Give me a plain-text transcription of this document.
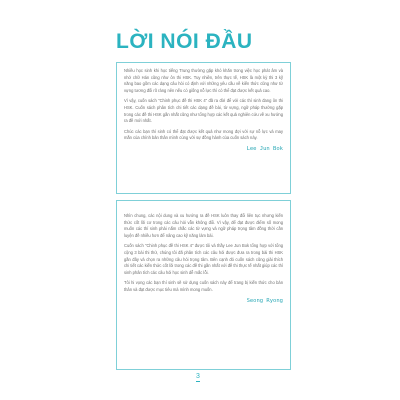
LỜI NÓI ĐẦU

Nhiều học sinh khi học tiếng Trung thường gặp khó khăn trong việc học phát âm và nhớ chữ Hán cũng như ôn thi HSK. Tuy nhiên, trên thực tế, HSK là một kỳ thi 3 kỹ năng bao gồm các dạng câu hỏi có định với những yêu cầu về kiến thức cũng như từ vựng tương đối rõ ràng nên nếu có giống nỗ lực thì có thể đạt được kết quả cao.

Vì vậy, cuốn sách "Chinh phục đề thi HSK 4" đã ra đời để với các thí sinh đang ôn thi HSK. Cuốn sách phân tích chi tiết các dạng đề bài, từ vựng, ngữ pháp thường gặp trong các đề thi HSK gần nhất cũng như tổng hợp các kết quả nghiên cứu về xu hướng ra đề mới nhất.

Chúc các bạn thí sinh có thể đạt được kết quả như mong đợi với sự nỗ lực và may mắn của chính bản thân mình cùng với sự đồng hành của cuốn sách này.

Lee Jun Bok

Nhìn chung, các nội dung và xu hướng ra đề HSK luôn thay đổi liên tục nhưng kiến thức cốt lõi cơ trong các câu hỏi vẫn không đổi. Vì vậy, để đạt được điểm số mong muốn các thí sinh phải nắm chắc các từ vựng và ngữ pháp trọng tâm đồng thời cần luyện đề nhiều hơn để nâng cao kỹ năng làm bài.

Cuốn sách "Chinh phục đề thi HSK 4" được tôi và thầy Lee Jun Bok tổng hợp với tổng cộng 3 bài thi thử, chúng tôi đã phân tích các câu hỏi được đưa ra trong bài thi HSK gần đây và chọn ra những câu hỏi trọng tâm. Bên cạnh đó cuốn sách cũng giải thích chi tiết các kiến thức cốt lõi trong các đề thi gần nhất với đề thi thực tế nhất giúp các thí sinh phân tích các câu hỏi học sinh dễ mắc lỗi.

Tôi hi vọng các bạn thí sinh sẽ sử dụng cuốn sách này để trang bị kiến thức cho bản thân và đạt được mục tiêu mà mình mong muốn.

Seong Ryong
3
